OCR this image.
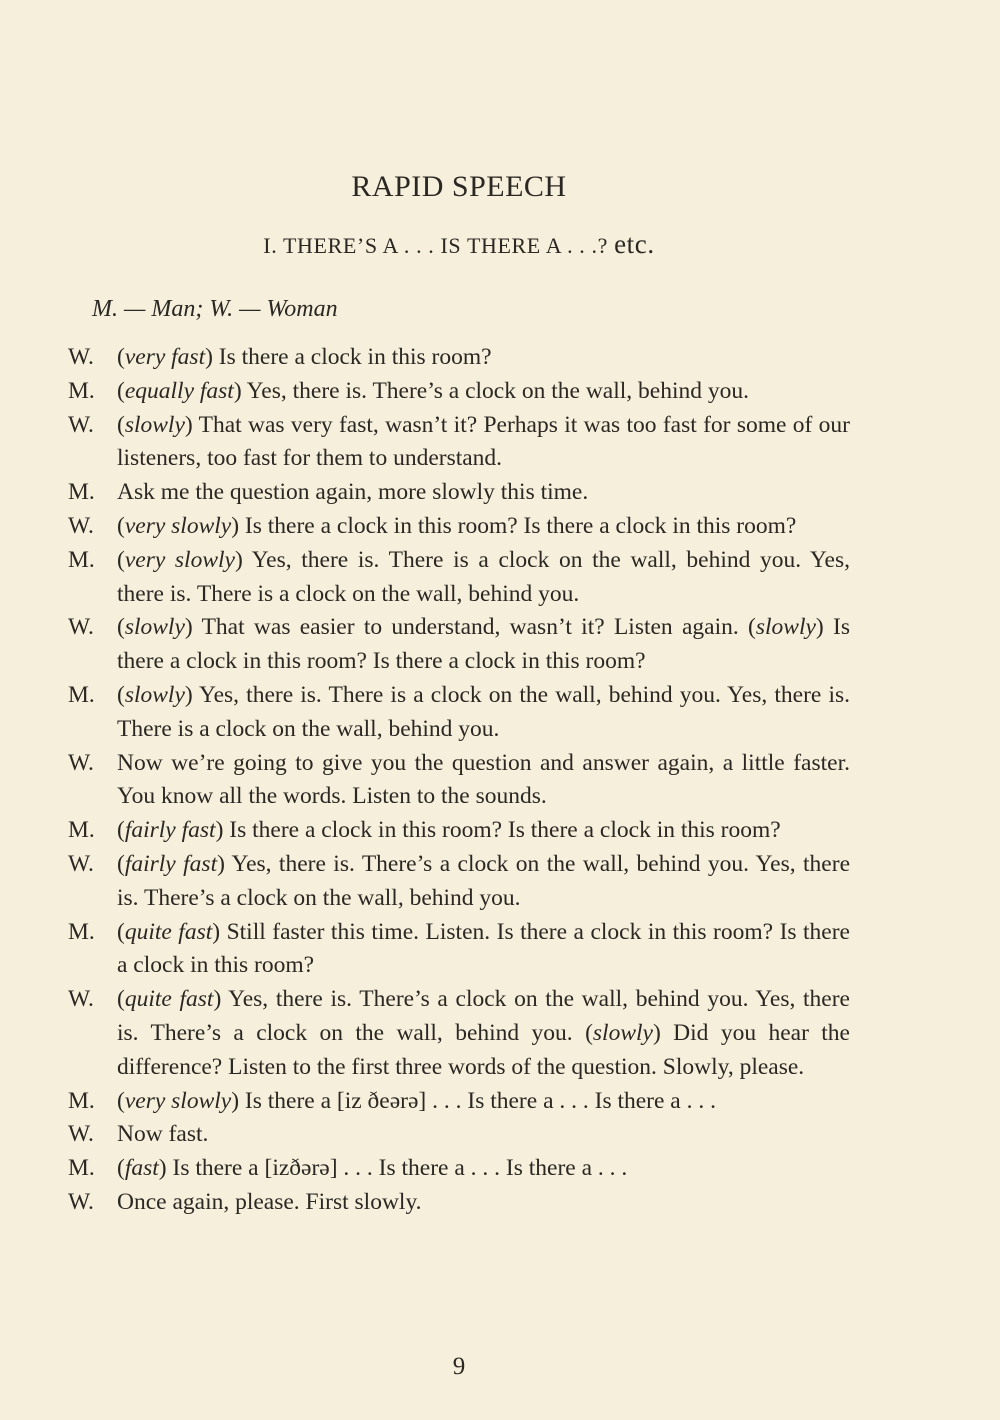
RAPID SPEECH
I. THERE’S A . . . IS THERE A . . .? etc.
M. — Man; W. — Woman
W. (very fast) Is there a clock in this room?
M. (equally fast) Yes, there is. There’s a clock on the wall, behind you.
W. (slowly) That was very fast, wasn’t it? Perhaps it was too fast for some of our listeners, too fast for them to understand.
M. Ask me the question again, more slowly this time.
W. (very slowly) Is there a clock in this room? Is there a clock in this room?
M. (very slowly) Yes, there is. There is a clock on the wall, behind you. Yes, there is. There is a clock on the wall, behind you.
W. (slowly) That was easier to understand, wasn’t it? Listen again. (slowly) Is there a clock in this room? Is there a clock in this room?
M. (slowly) Yes, there is. There is a clock on the wall, behind you. Yes, there is. There is a clock on the wall, behind you.
W. Now we’re going to give you the question and answer again, a little faster. You know all the words. Listen to the sounds.
M. (fairly fast) Is there a clock in this room? Is there a clock in this room?
W. (fairly fast) Yes, there is. There’s a clock on the wall, behind you. Yes, there is. There’s a clock on the wall, behind you.
M. (quite fast) Still faster this time. Listen. Is there a clock in this room? Is there a clock in this room?
W. (quite fast) Yes, there is. There’s a clock on the wall, behind you. Yes, there is. There’s a clock on the wall, behind you. (slowly) Did you hear the difference? Listen to the first three words of the question. Slowly, please.
M. (very slowly) Is there a [iz ðeərə] . . . Is there a . . . Is there a . . .
W. Now fast.
M. (fast) Is there a [izðərə] . . . Is there a . . . Is there a . . .
W. Once again, please. First slowly.
9
